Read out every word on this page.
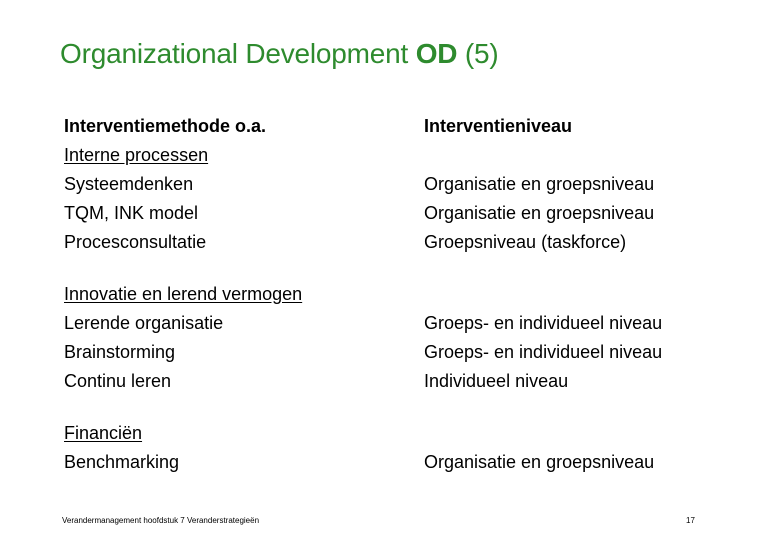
Organizational Development OD (5)
Interventiemethode o.a.
Interne processen
Systeemdenken
TQM, INK model
Procesconsultatie
Innovatie en lerend vermogen
Lerende organisatie
Brainstorming
Continu leren
Financiën
Benchmarking
Interventieniveau
Organisatie en groepsniveau
Organisatie en groepsniveau
Groepsniveau (taskforce)
Groeps- en individueel niveau
Groeps- en individueel niveau
Individueel niveau
Organisatie en groepsniveau
Verandermanagement hoofdstuk 7 Veranderstrategieën	17
